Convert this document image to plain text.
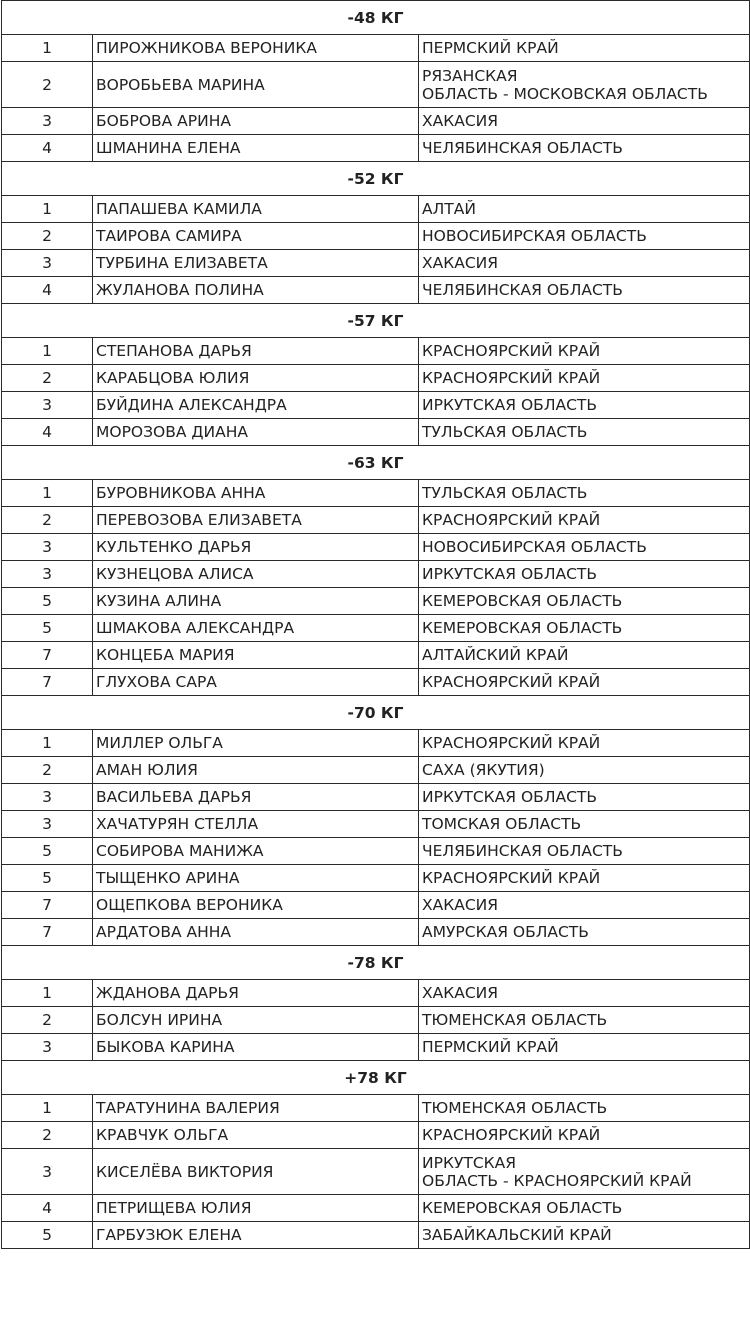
-48 КГ		
1	ПИРОЖНИКОВА ВЕРОНИКА	ПЕРМСКИЙ КРАЙ

2	ВОРОБЬЕВА МАРИНА	РЯЗАНСКАЯ
ОБЛАСТЬ - МОСКОВСКАЯ ОБЛАСТЬ

3	БОБРОВА АРИНА	ХАКАСИЯ

4	ШМАНИНА ЕЛЕНА	ЧЕЛЯБИНСКАЯ ОБЛАСТЬ

-52 КГ		
1	ПАПАШЕВА КАМИЛА	АЛТАЙ

2	ТАИРОВА САМИРА	НОВОСИБИРСКАЯ ОБЛАСТЬ

3	ТУРБИНА ЕЛИЗАВЕТА	ХАКАСИЯ

4	ЖУЛАНОВА ПОЛИНА	ЧЕЛЯБИНСКАЯ ОБЛАСТЬ

-57 КГ		
1	СТЕПАНОВА ДАРЬЯ	КРАСНОЯРСКИЙ КРАЙ

2	КАРАБЦОВА ЮЛИЯ	КРАСНОЯРСКИЙ КРАЙ

3	БУЙДИНА АЛЕКСАНДРА	ИРКУТСКАЯ ОБЛАСТЬ

4	МОРОЗОВА ДИАНА	ТУЛЬСКАЯ ОБЛАСТЬ

-63 КГ		
1	БУРОВНИКОВА АННА	ТУЛЬСКАЯ ОБЛАСТЬ

2	ПЕРЕВОЗОВА ЕЛИЗАВЕТА	КРАСНОЯРСКИЙ КРАЙ

3	КУЛЬТЕНКО ДАРЬЯ	НОВОСИБИРСКАЯ ОБЛАСТЬ

3	КУЗНЕЦОВА АЛИСА	ИРКУТСКАЯ ОБЛАСТЬ

5	КУЗИНА АЛИНА	КЕМЕРОВСКАЯ ОБЛАСТЬ

5	ШМАКОВА АЛЕКСАНДРА	КЕМЕРОВСКАЯ ОБЛАСТЬ

7	КОНЦЕБА МАРИЯ	АЛТАЙСКИЙ КРАЙ

7	ГЛУХОВА САРА	КРАСНОЯРСКИЙ КРАЙ

-70 КГ		
1	МИЛЛЕР ОЛЬГА	КРАСНОЯРСКИЙ КРАЙ

2	АМАН ЮЛИЯ	САХА (ЯКУТИЯ)

3	ВАСИЛЬЕВА ДАРЬЯ	ИРКУТСКАЯ ОБЛАСТЬ

3	ХАЧАТУРЯН СТЕЛЛА	ТОМСКАЯ ОБЛАСТЬ

5	СОБИРОВА МАНИЖА	ЧЕЛЯБИНСКАЯ ОБЛАСТЬ

5	ТЫЩЕНКО АРИНА	КРАСНОЯРСКИЙ КРАЙ

7	ОЩЕПКОВА ВЕРОНИКА	ХАКАСИЯ

7	АРДАТОВА АННА	АМУРСКАЯ ОБЛАСТЬ

-78 КГ		
1	ЖДАНОВА ДАРЬЯ	ХАКАСИЯ

2	БОЛСУН ИРИНА	ТЮМЕНСКАЯ ОБЛАСТЬ

3	БЫКОВА КАРИНА	ПЕРМСКИЙ КРАЙ

+78 КГ		
1	ТАРАТУНИНА ВАЛЕРИЯ	ТЮМЕНСКАЯ ОБЛАСТЬ

2	КРАВЧУК ОЛЬГА	КРАСНОЯРСКИЙ КРАЙ

3	КИСЕЛЁВА ВИКТОРИЯ	ИРКУТСКАЯ
ОБЛАСТЬ - КРАСНОЯРСКИЙ КРАЙ

4	ПЕТРИЩЕВА ЮЛИЯ	КЕМЕРОВСКАЯ ОБЛАСТЬ

5	ГАРБУЗЮК ЕЛЕНА	ЗАБАЙКАЛЬСКИЙ КРАЙ
